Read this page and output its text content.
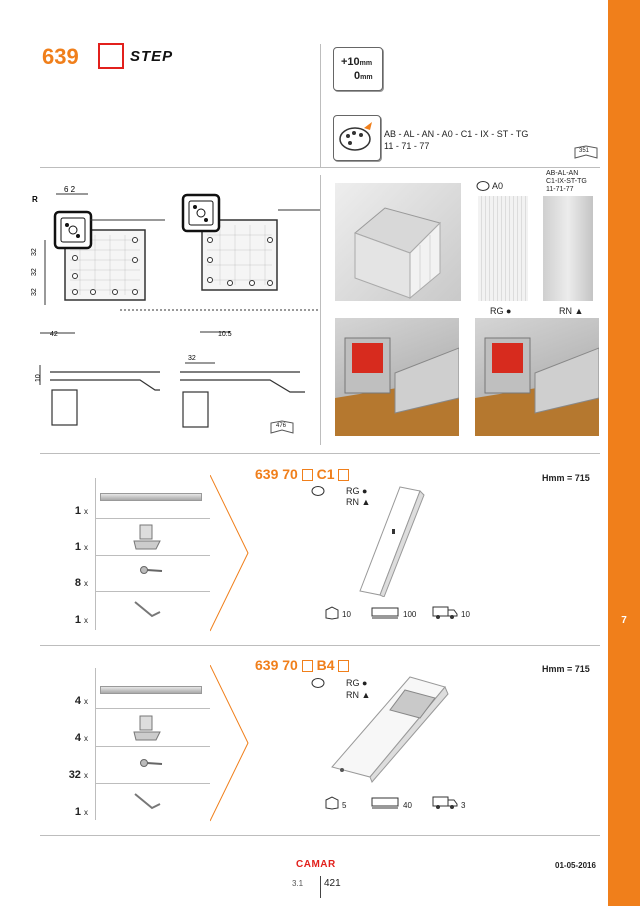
7
639	STEP	+10mm
0mm
AB - AL - AN - A0 - C1 - IX - ST - TG
11 - 71 - 77	351
6 2
R
32
32
32
42	10.5
10
32
476
A0
AB-AL-AN
C1-IX-ST-TG
11-71-77
RG ●	RN ▲
1 x
1 x
8 x
1 x
639 70  C1	Hmm = 715
RG ●
RN ▲
10	100	10
4 x
4 x
32 x
1 x
639 70  B4	Hmm = 715
RG ●
RN ▲
5	40	3
CAMAR	01-05-2016
3.1 421
